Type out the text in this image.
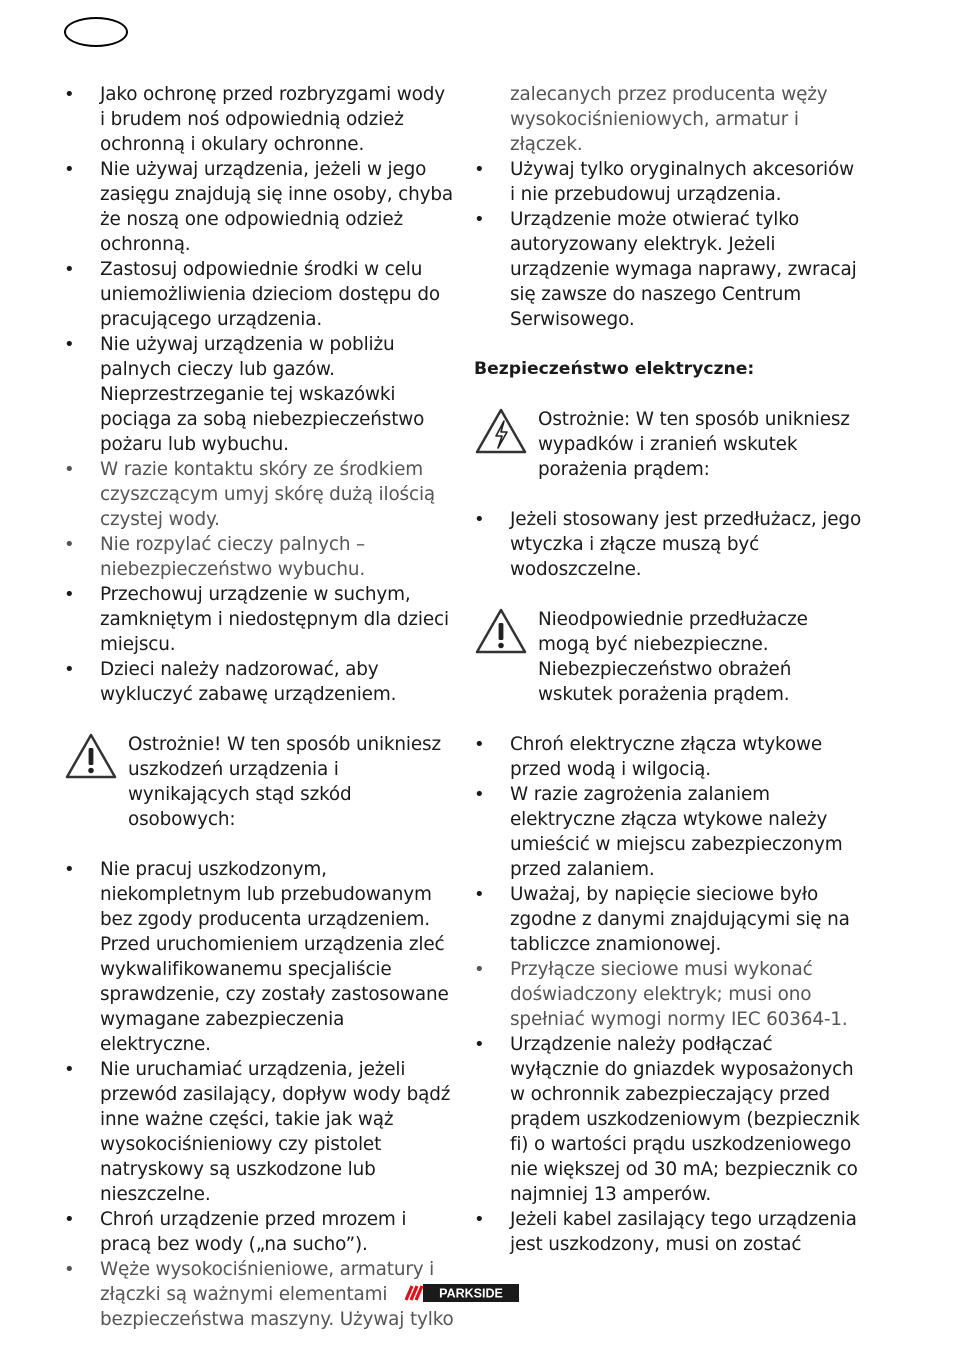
• Jako ochronę przed rozbryzgami wody i brudem noś odpowiednią odzież ochronną i okulary ochronne.
• Nie używaj urządzenia, jeżeli w jego zasięgu znajdują się inne osoby, chyba że noszą one odpowiednią odzież ochronną.
• Zastosuj odpowiednie środki w celu uniemożliwienia dzieciom dostępu do pracującego urządzenia.
• Nie używaj urządzenia w pobliżu palnych cieczy lub gazów. Nieprzestrzeganie tej wskazówki pociąga za sobą niebezpieczeństwo pożaru lub wybuchu.
• W razie kontaktu skóry ze środkiem czyszczącym umyj skórę dużą ilością czystej wody.
• Nie rozpylać cieczy palnych – niebezpieczeństwo wybuchu.
• Przechowuj urządzenie w suchym, zamkniętym i niedostępnym dla dzieci miejscu.
• Dzieci należy nadzorować, aby wykluczyć zabawę urządzeniem.
Ostrożnie! W ten sposób unikniesz uszkodzeń urządzenia i wynikających stąd szkód osobowych:
• Nie pracuj uszkodzonym, niekompletnym lub przebudowanym bez zgody producenta urządzeniem. Przed uruchomieniem urządzenia zleć wykwalifikowanemu specjaliście sprawdzenie, czy zostały zastosowane wymagane zabezpieczenia elektryczne.
• Nie uruchamiać urządzenia, jeżeli przewód zasilający, dopływ wody bądź inne ważne części, takie jak wąż wysokociśnieniowy czy pistolet natryskowy są uszkodzone lub nieszczelne.
• Chroń urządzenie przed mrozem i pracą bez wody („na sucho”).
• Węże wysokociśnieniowe, armatury i złączki są ważnymi elementami bezpieczeństwa maszyny. Używaj tylko
zalecanych przez producenta węży wysokociśnieniowych, armatur i złączek.
• Używaj tylko oryginalnych akcesoriów i nie przebudowuj urządzenia.
• Urządzenie może otwierać tylko autoryzowany elektryk. Jeżeli urządzenie wymaga naprawy, zwracaj się zawsze do naszego Centrum Serwisowego.
Bezpieczeństwo elektryczne:
Ostrożnie: W ten sposób unikniesz wypadków i zranień wskutek porażenia prądem:
• Jeżeli stosowany jest przedłużacz, jego wtyczka i złącze muszą być wodoszczelne.
Nieodpowiednie przedłużacze mogą być niebezpieczne. Niebezpieczeństwo obrażeń wskutek porażenia prądem.
• Chroń elektryczne złącza wtykowe przed wodą i wilgocią.
• W razie zagrożenia zalaniem elektryczne złącza wtykowe należy umieścić w miejscu zabezpieczonym przed zalaniem.
• Uważaj, by napięcie sieciowe było zgodne z danymi znajdującymi się na tabliczce znamionowej.
• Przyłącze sieciowe musi wykonać doświadczony elektryk; musi ono spełniać wymogi normy IEC 60364-1.
• Urządzenie należy podłączać wyłącznie do gniazdek wyposażonych w ochronnik zabezpieczający przed prądem uszkodzeniowym (bezpiecznik fi) o wartości prądu uszkodzeniowego nie większej od 30 mA; bezpiecznik co najmniej 13 amperów.
• Jeżeli kabel zasilający tego urządzenia jest uszkodzony, musi on zostać
PARKSIDE
